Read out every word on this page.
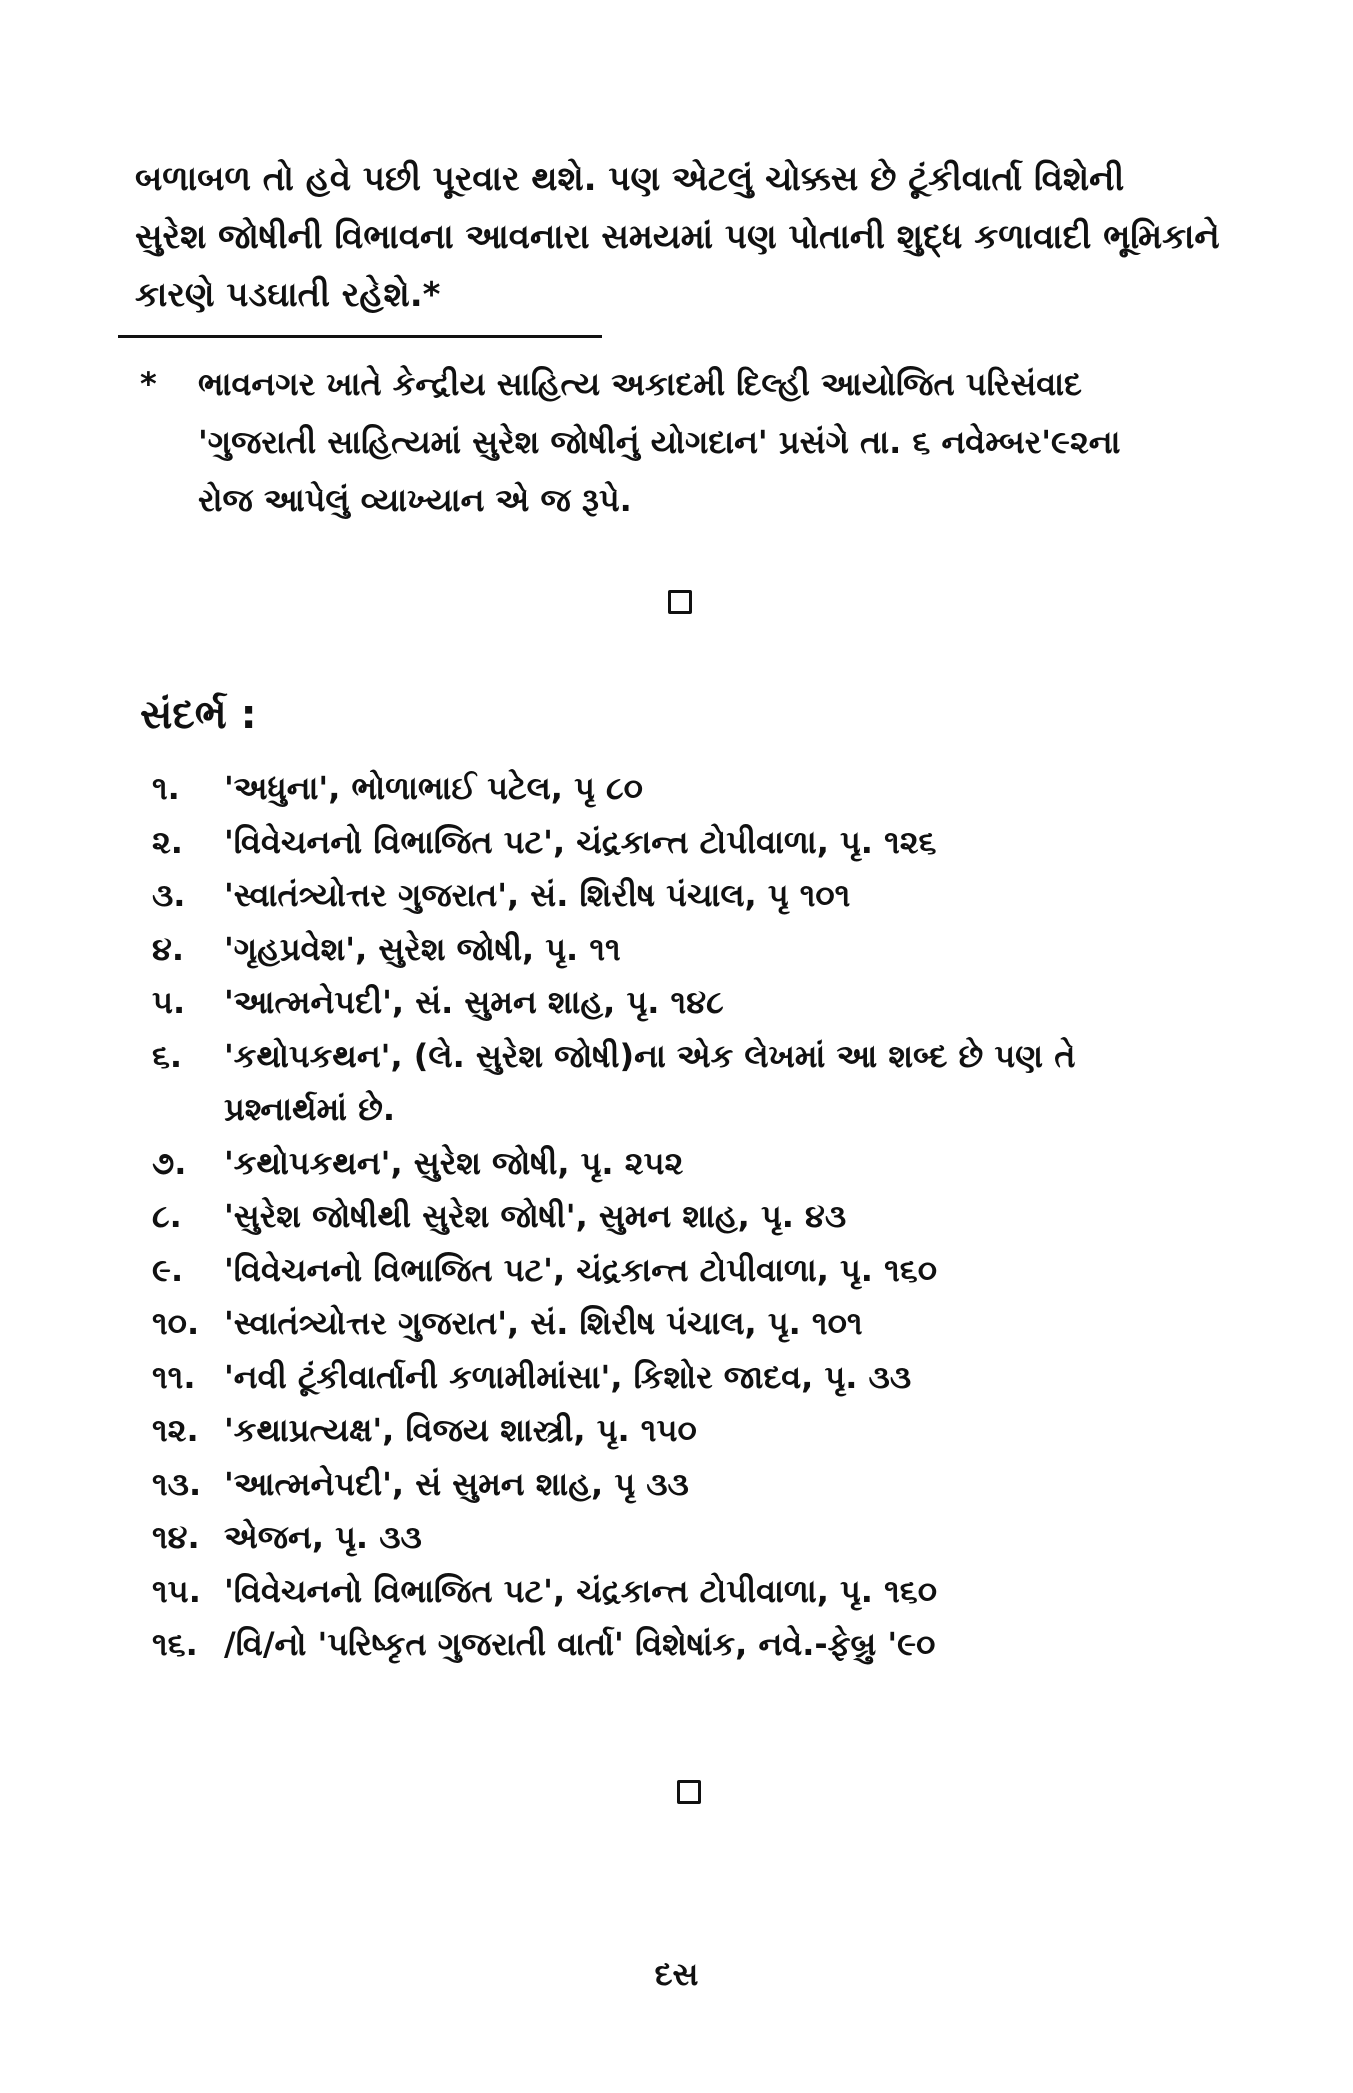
બળાબળ તો હવે પછી પૂરવાર થશે. પણ એટલું ચોક્કસ છે ટૂંકીવાર્તા વિશેની
સુરેશ જોષીની વિભાવના આવનારા સમયમાં પણ પોતાની શુદ્ધ કળાવાદી ભૂમિકાને
કારણે પડઘાતી રહેશે.*
*	ભાવનગર ખાતે કેન્દ્રીય સાહિત્ય અકાદમી દિલ્હી આયોજિત પરિસંવાદ
'ગુજરાતી સાહિત્યમાં સુરેશ જોષીનું યોગદાન' પ્રસંગે તા. ૬ નવેમ્બર'૯૨ના
રોજ આપેલું વ્યાખ્યાન એ જ રૂપે.
સંદર્ભ :
૧.	'અધુના', ભોળાભાઈ પટેલ, પૃ ૮૦
૨.	'વિવેચનનો વિભાજિત પટ', ચંદ્રકાન્ત ટોપીવાળા, પૃ. ૧૨૬
૩.	'સ્વાતંત્ર્યોત્તર ગુજરાત', સં. શિરીષ પંચાલ, પૃ ૧૦૧
૪.	'ગૃહપ્રવેશ', સુરેશ જોષી, પૃ. ૧૧
૫.	'આત્મનેપદી', સં. સુમન શાહ, પૃ. ૧૪૮
૬.	'કથોપકથન', (લે. સુરેશ જોષી)ના એક લેખમાં આ શબ્દ છે પણ તે
પ્રશ્નાર્થમાં છે.
૭.	'કથોપકથન', સુરેશ જોષી, પૃ. ૨૫૨
૮.	'સુરેશ જોષીથી સુરેશ જોષી', સુમન શાહ, પૃ. ૪૩
૯.	'વિવેચનનો વિભાજિત પટ', ચંદ્રકાન્ત ટોપીવાળા, પૃ. ૧૬૦
૧૦. 'સ્વાતંત્ર્યોત્તર ગુજરાત', સં. શિરીષ પંચાલ, પૃ. ૧૦૧
૧૧. 'નવી ટૂંકીવાર્તાની કળામીમાંસા', કિશોર જાદવ, પૃ. ૩૩
૧૨. 'કથાપ્રત્યક્ષ', વિજય શાસ્ત્રી, પૃ. ૧૫૦
૧૩. 'આત્મનેપદી', સં સુમન શાહ, પૃ ૩૩
૧૪. એજન, પૃ. ૩૩
૧૫. 'વિવેચનનો વિભાજિત પટ', ચંદ્રકાન્ત ટોપીવાળા, પૃ. ૧૬૦
૧૬. /વિ/નો 'પરિષ્કૃત ગુજરાતી વાર્તા' વિશેષાંક, નવે.-ફેબ્રુ '૯૦
દસ
